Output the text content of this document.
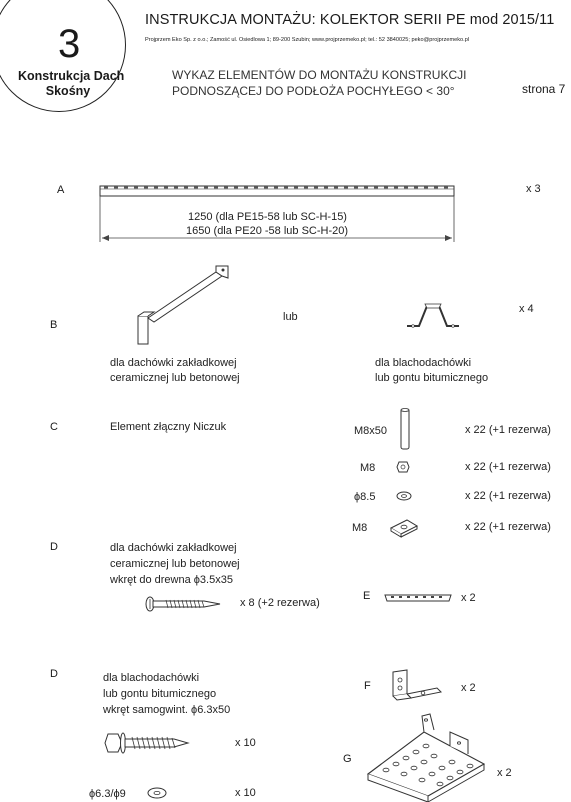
3
Konstrukcja Dach
Skośny
INSTRUKCJA MONTAŻU: KOLEKTOR SERII PE mod 2015/11
Projprzem Eko Sp. z o.o.; Zamość ul. Osiedlowa 1; 89-200 Szubin; www.projprzemeko.pl; tel.: 52 3840025; peko@projprzemeko.pl
WYKAZ ELEMENTÓW DO MONTAŻU KONSTRUKCJI
PODNOSZĄCEJ DO PODŁOŻA POCHYŁEGO < 30°	strona 7
A
1250 (dla PE15-58 lub SC-H-15)
1650 (dla PE20 -58 lub SC-H-20)
x 3
B
lub
dla dachówki zakładkowej
ceramicznej lub betonowej
dla blachodachówki
lub gontu bitumicznego
x 4
C	Element złączny Niczuk	M8x50	x 22 (+1 rezerwa)
M8	x 22 (+1 rezerwa)
ϕ8.5	x 22 (+1 rezerwa)
M8	x 22 (+1 rezerwa)
D	dla dachówki zakładkowej
ceramicznej lub betonowej
wkręt do drewna ϕ3.5x35
x 8 (+2 rezerwa)
E	x 2
D	dla blachodachówki
lub gontu bitumicznego
wkręt samogwint. ϕ6.3x50
x 10
ϕ6.3/ϕ9	x 10
F	x 2
G
x 2
